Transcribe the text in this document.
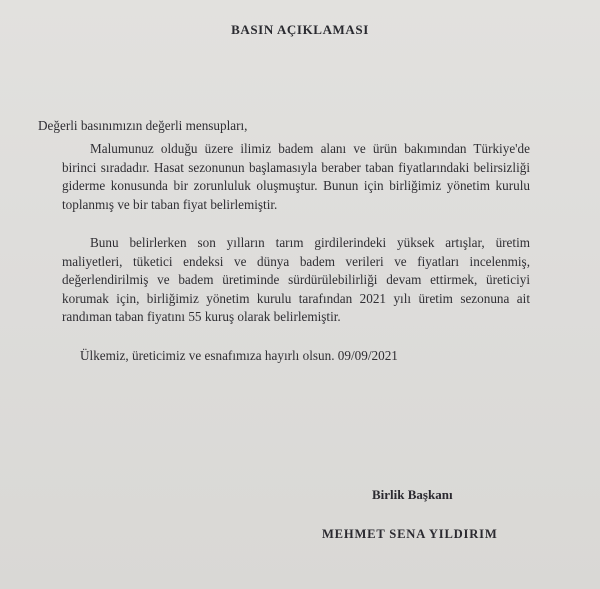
BASIN AÇIKLAMASI
Değerli basınımızın değerli mensupları,
Malumunuz olduğu üzere ilimiz badem alanı ve ürün bakımından Türkiye'de birinci sıradadır. Hasat sezonunun başlamasıyla beraber taban fiyatlarındaki belirsizliği giderme konusunda bir zorunluluk oluşmuştur. Bunun için birliğimiz yönetim kurulu toplanmış ve bir taban fiyat belirlemiştir.
Bunu belirlerken son yılların tarım girdilerindeki yüksek artışlar, üretim maliyetleri, tüketici endeksi ve dünya badem verileri ve fiyatları incelenmiş, değerlendirilmiş ve badem üretiminde sürdürülebilirliği devam ettirmek, üreticiyi korumak için, birliğimiz yönetim kurulu tarafından 2021 yılı üretim sezonuna ait randıman taban fiyatını 55 kuruş olarak belirlemiştir.
Ülkemiz, üreticimiz ve esnafımıza hayırlı olsun. 09/09/2021
Birlik Başkanı
MEHMET SENA YILDIRIM
